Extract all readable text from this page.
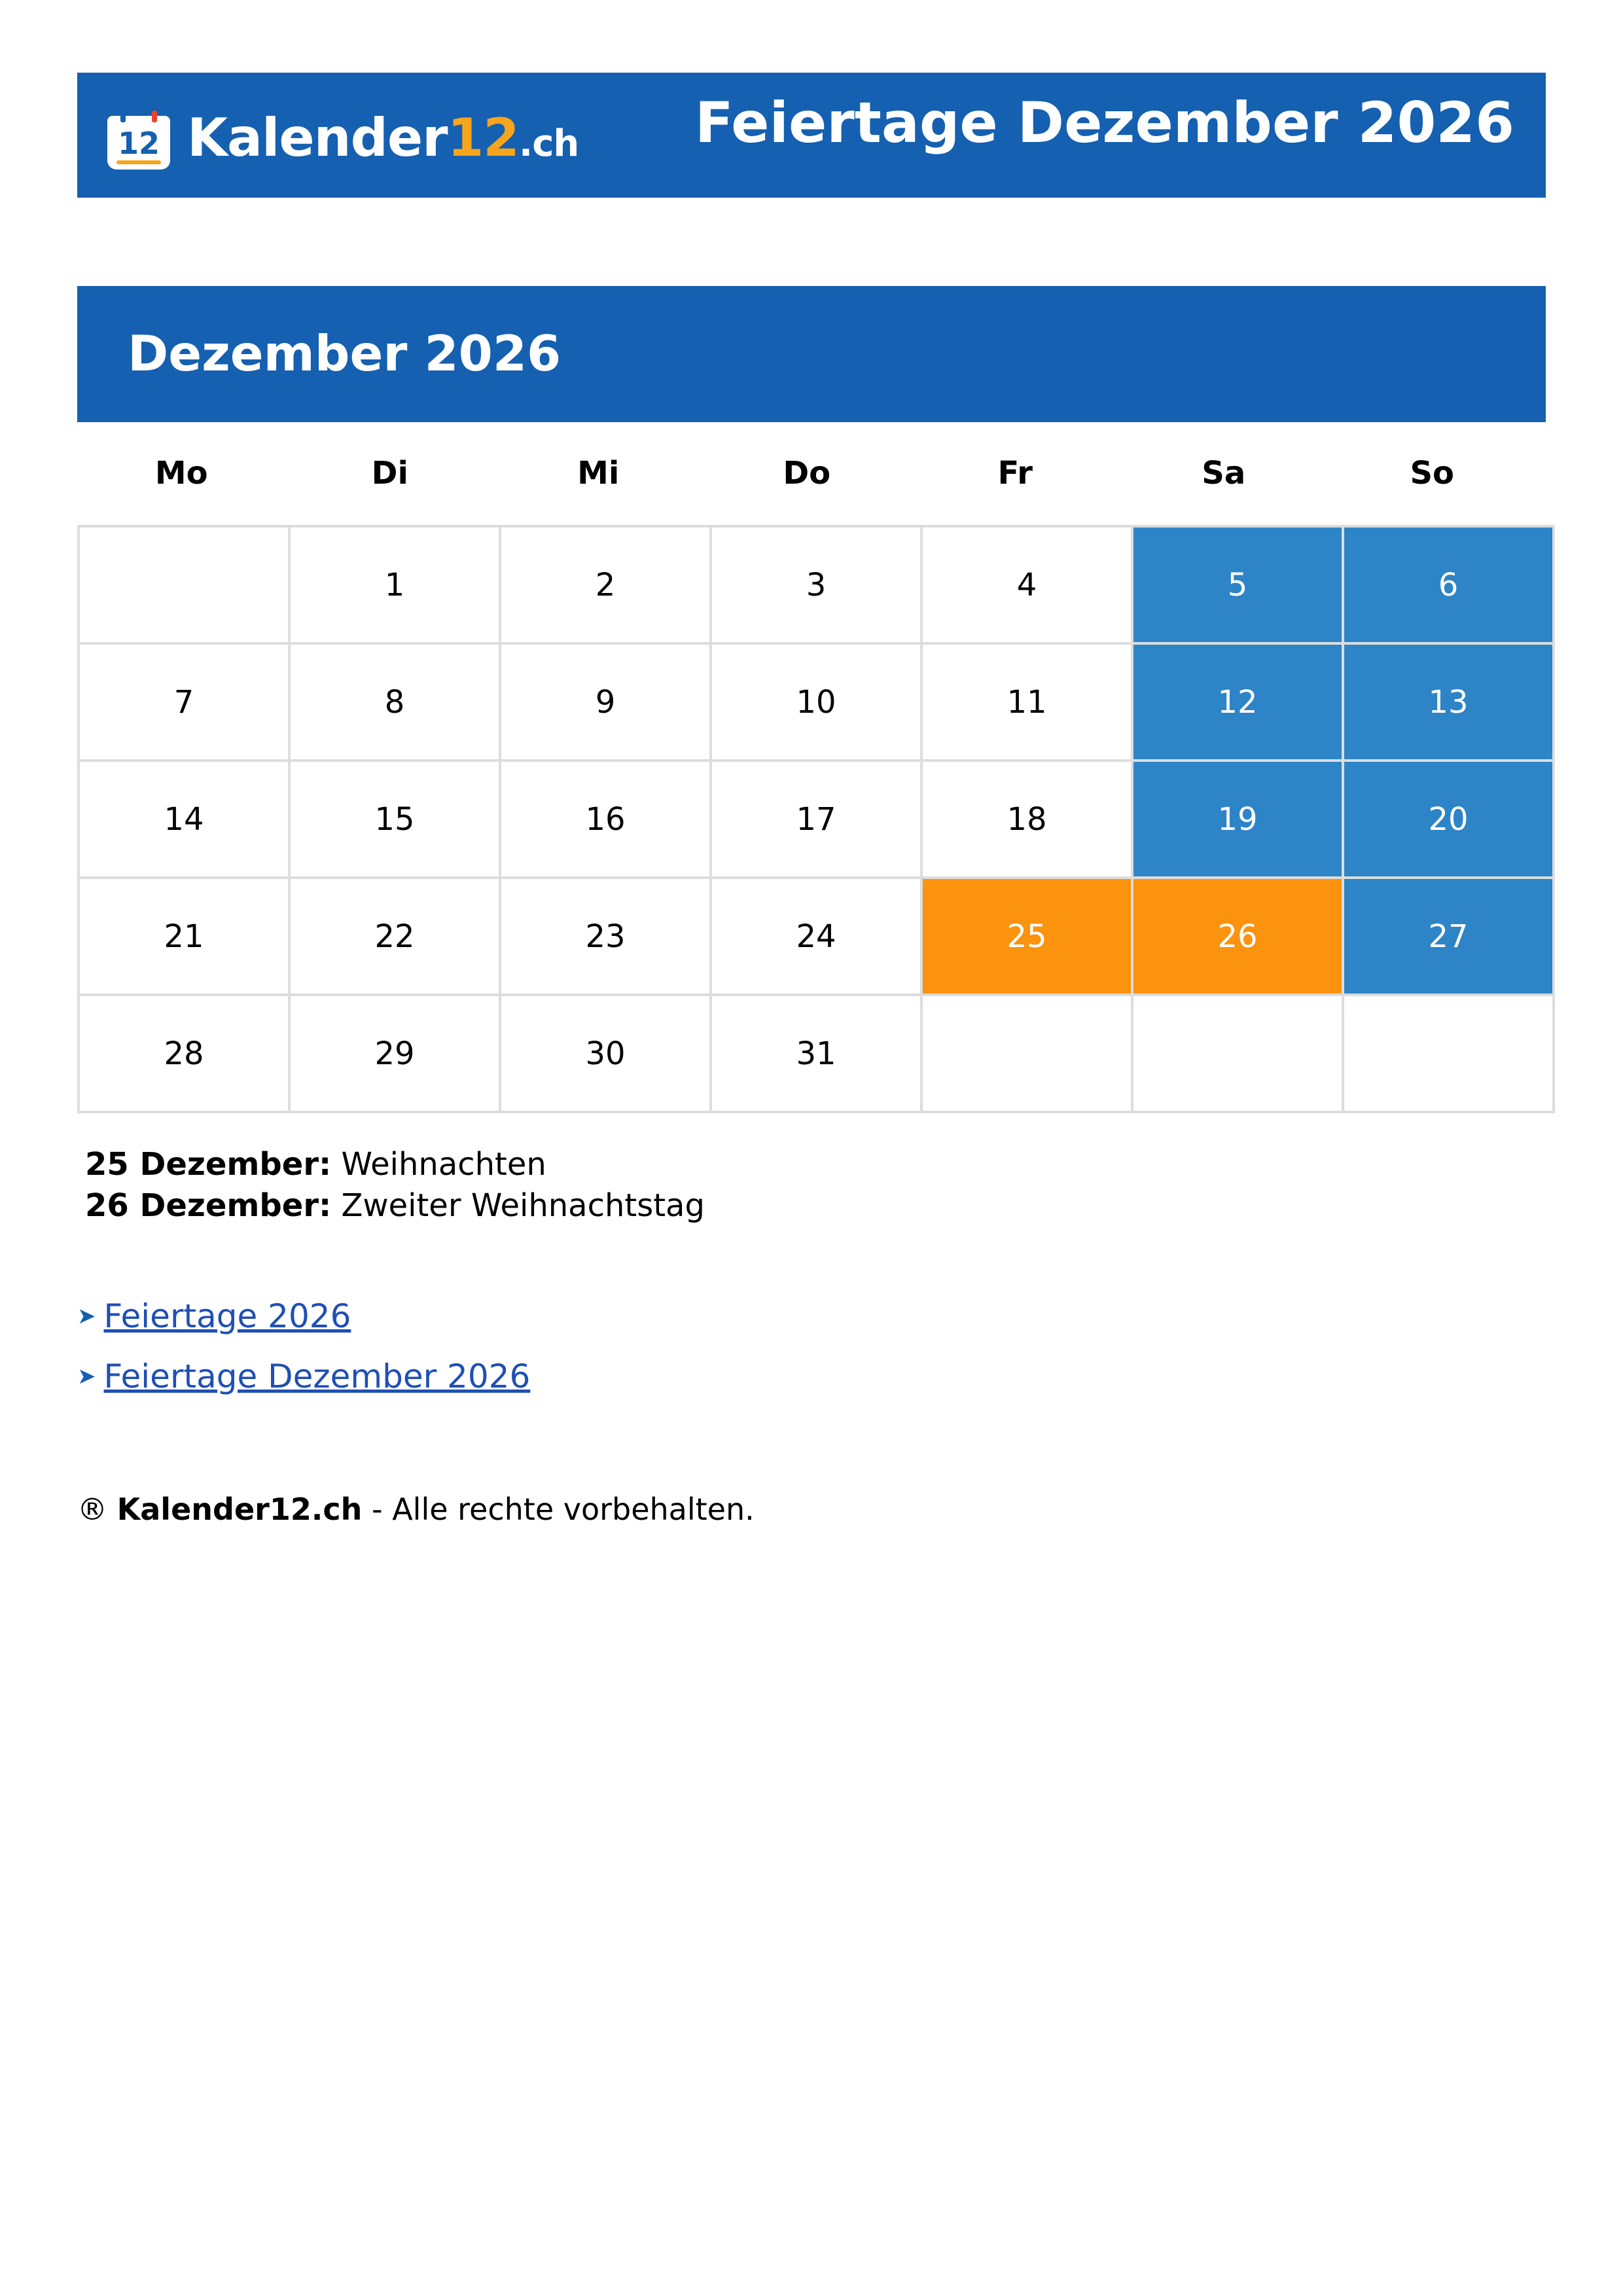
12 Kalender12.ch Feiertage Dezember 2026
Dezember 2026
Mo	Di	Mi	Do	Fr	Sa	So
	1	2	3	4	5	6
7	8	9	10	11	12	13
14	15	16	17	18	19	20
21	22	23	24	25	26	27
28	29	30	31			
25 Dezember: Weihnachten
26 Dezember: Zweiter Weihnachtstag
➤ Feiertage 2026
➤ Feiertage Dezember 2026
® Kalender12.ch - Alle rechte vorbehalten.
